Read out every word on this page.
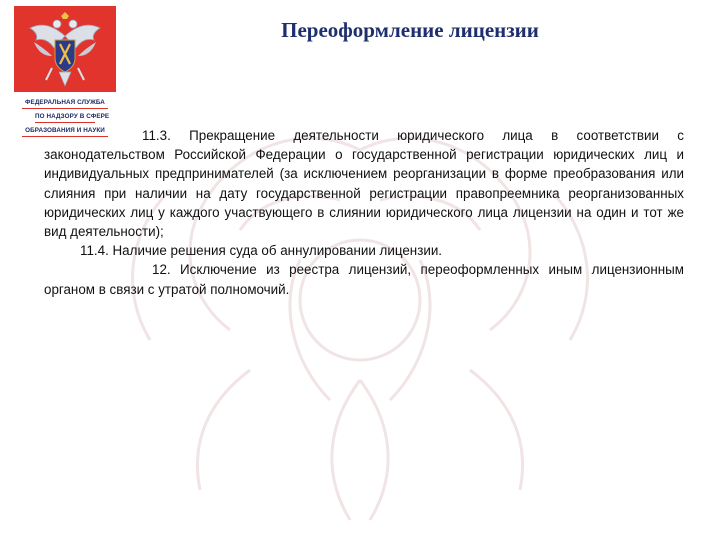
ФЕДЕРАЛЬНАЯ СЛУЖБА
ПО НАДЗОРУ В СФЕРЕ
ОБРАЗОВАНИЯ И НАУКИ
Переоформление лицензии

11.3. Прекращение деятельности юридического лица в соответствии с законодательством Российской Федерации о государственной регистрации юридических лиц и индивидуальных предпринимателей (за исключением реорганизации в форме преобразования или слияния при наличии на дату государственной регистрации правопреемника реорганизованных юридических лиц у каждого участвующего в слиянии юридического лица лицензии на один и тот же вид деятельности);

11.4. Наличие решения суда об аннулировании лицензии.

12. Исключение из реестра лицензий, переоформленных иным лицензионным органом в связи с утратой полномочий.
